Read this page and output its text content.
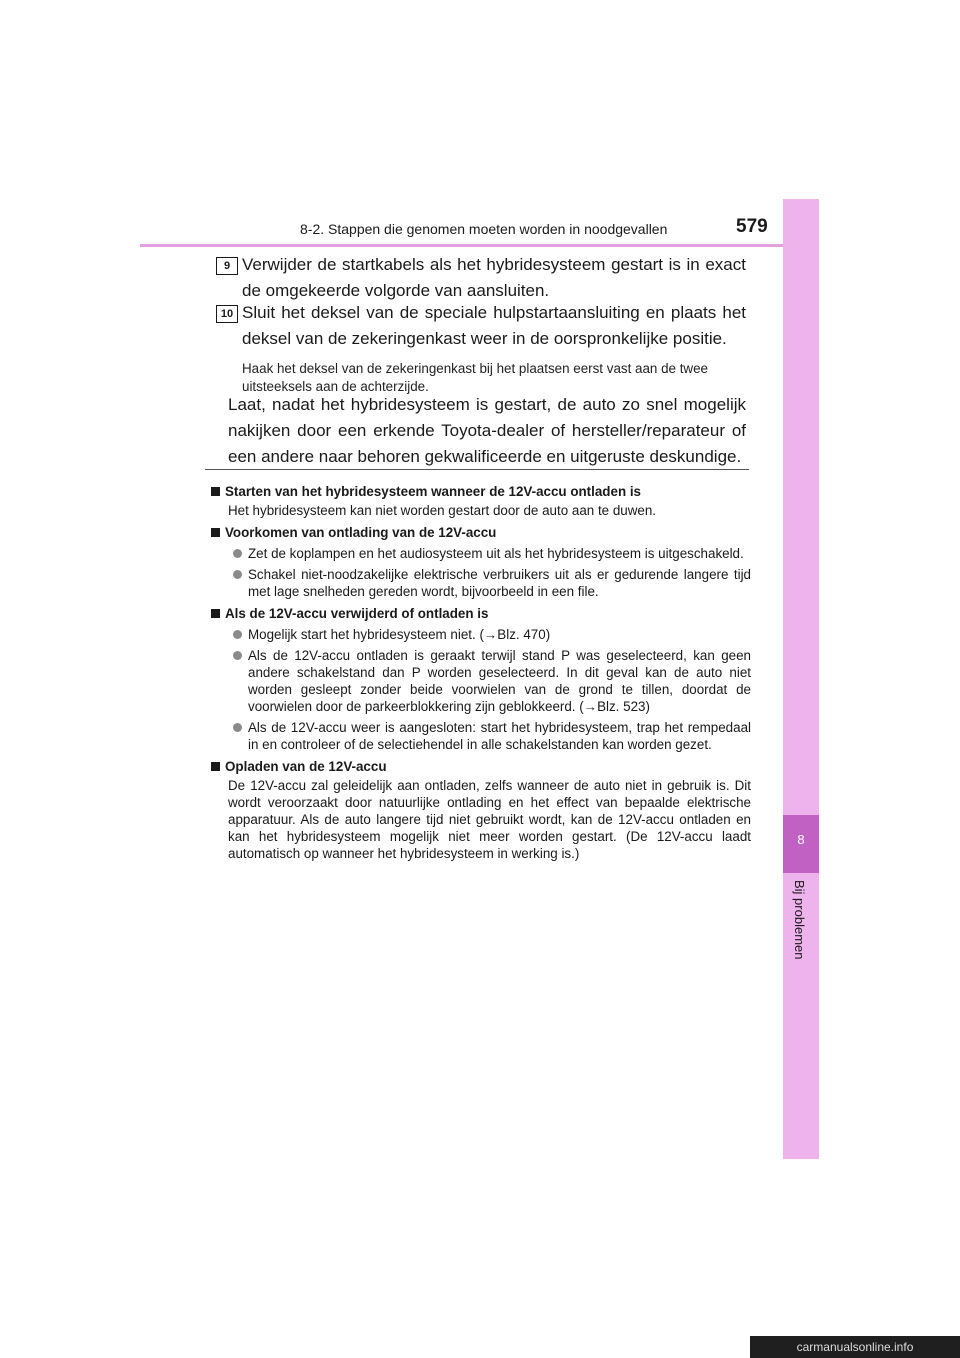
8-2. Stappen die genomen moeten worden in noodgevallen	579
8
Bij problemen
9 Verwijder de startkabels als het hybridesysteem gestart is in exact de omgekeerde volgorde van aansluiten.
10 Sluit het deksel van de speciale hulpstartaansluiting en plaats het deksel van de zekeringenkast weer in de oorspronkelijke positie.
Haak het deksel van de zekeringenkast bij het plaatsen eerst vast aan de twee uitsteeksels aan de achterzijde.
Laat, nadat het hybridesysteem is gestart, de auto zo snel mogelijk nakijken door een erkende Toyota-dealer of hersteller/reparateur of een andere naar behoren gekwalificeerde en uitgeruste deskundige.
Starten van het hybridesysteem wanneer de 12V-accu ontladen is
Het hybridesysteem kan niet worden gestart door de auto aan te duwen.
Voorkomen van ontlading van de 12V-accu
Zet de koplampen en het audiosysteem uit als het hybridesysteem is uitgeschakeld.
Schakel niet-noodzakelijke elektrische verbruikers uit als er gedurende langere tijd met lage snelheden gereden wordt, bijvoorbeeld in een file.
Als de 12V-accu verwijderd of ontladen is
Mogelijk start het hybridesysteem niet. (→Blz. 470)
Als de 12V-accu ontladen is geraakt terwijl stand P was geselecteerd, kan geen andere schakelstand dan P worden geselecteerd. In dit geval kan de auto niet worden gesleept zonder beide voorwielen van de grond te tillen, doordat de voorwielen door de parkeerblokkering zijn geblokkeerd. (→Blz. 523)
Als de 12V-accu weer is aangesloten: start het hybridesysteem, trap het rempedaal in en controleer of de selectiehendel in alle schakelstanden kan worden gezet.
Opladen van de 12V-accu
De 12V-accu zal geleidelijk aan ontladen, zelfs wanneer de auto niet in gebruik is. Dit wordt veroorzaakt door natuurlijke ontlading en het effect van bepaalde elektrische apparatuur. Als de auto langere tijd niet gebruikt wordt, kan de 12V-accu ontladen en kan het hybridesysteem mogelijk niet meer worden gestart. (De 12V-accu laadt automatisch op wanneer het hybridesysteem in werking is.)
carmanualsonline.info
